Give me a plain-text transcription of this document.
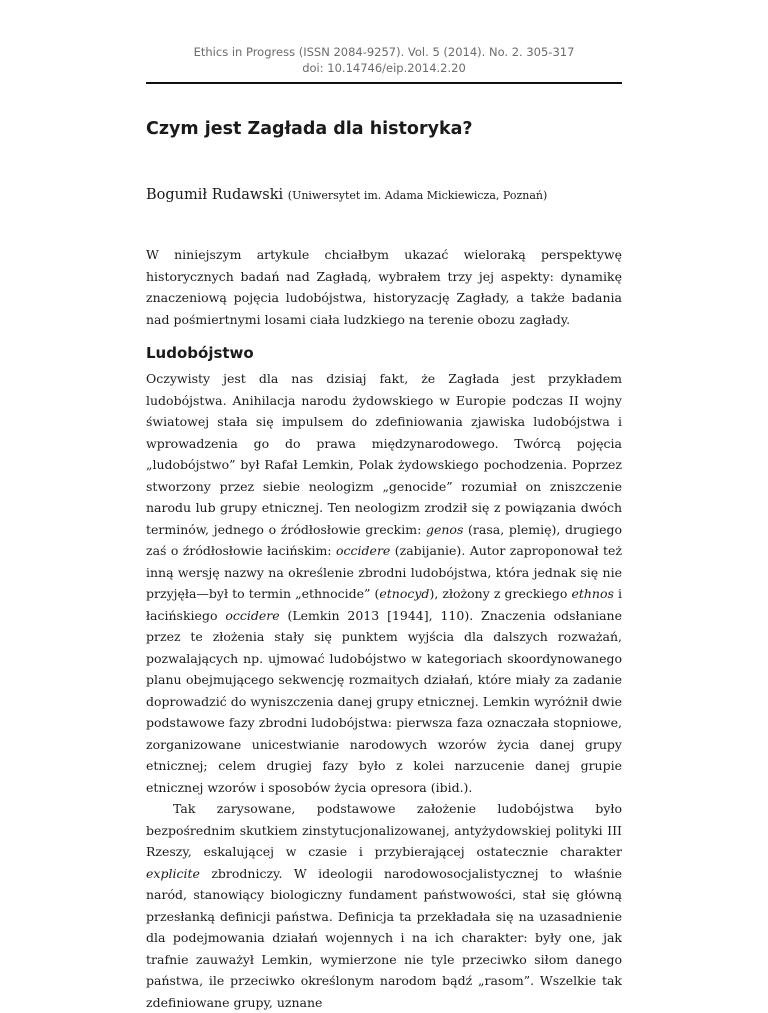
Ethics in Progress (ISSN 2084-9257). Vol. 5 (2014). No. 2. 305-317
doi: 10.14746/eip.2014.2.20
Czym jest Zagłada dla historyka?
Bogumił Rudawski (Uniwersytet im. Adama Mickiewicza, Poznań)

W niniejszym artykule chciałbym ukazać wieloraką perspektywę historycznych badań nad Zagładą, wybrałem trzy jej aspekty: dynamikę znaczeniową pojęcia ludobójstwa, historyzację Zagłady, a także badania nad pośmiertnymi losami ciała ludzkiego na terenie obozu zagłady.

Ludobójstwo

Oczywisty jest dla nas dzisiaj fakt, że Zagłada jest przykładem ludobójstwa. Anihilacja narodu żydowskiego w Europie podczas II wojny światowej stała się impulsem do zdefiniowania zjawiska ludobójstwa i wprowadzenia go do prawa międzynarodowego. Twórcą pojęcia „ludobójstwo” był Rafał Lemkin, Polak żydowskiego pochodzenia. Poprzez stworzony przez siebie neologizm „genocide” rozumiał on zniszczenie narodu lub grupy etnicznej. Ten neologizm zrodził się z powiązania dwóch terminów, jednego o źródłosłowie greckim: genos (rasa, plemię), drugiego zaś o źródłosłowie łacińskim: occidere (zabijanie). Autor zaproponował też inną wersję nazwy na określenie zbrodni ludobójstwa, która jednak się nie przyjęła—był to termin „ethnocide” (etnocyd), złożony z greckiego ethnos i łacińskiego occidere (Lemkin 2013 [1944], 110). Znaczenia odsłaniane przez te złożenia stały się punktem wyjścia dla dalszych rozważań, pozwalających np. ujmować ludobójstwo w kategoriach skoordynowanego planu obejmującego sekwencję rozmaitych działań, które miały za zadanie doprowadzić do wyniszczenia danej grupy etnicznej. Lemkin wyróżnił dwie podstawowe fazy zbrodni ludobójstwa: pierwsza faza oznaczała stopniowe, zorganizowane unicestwianie narodowych wzorów życia danej grupy etnicznej; celem drugiej fazy było z kolei narzucenie danej grupie etnicznej wzorów i sposobów życia opresora (ibid.).

Tak zarysowane, podstawowe założenie ludobójstwa było bezpośrednim skutkiem zinstytucjonalizowanej, antyżydowskiej polityki III Rzeszy, eskalującej w czasie i przybierającej ostatecznie charakter explicite zbrodniczy. W ideologii narodowosocjalistycznej to właśnie naród, stanowiący biologiczny fundament państwowości, stał się główną przesłanką definicji państwa. Definicja ta przekładała się na uzasadnienie dla podejmowania działań wojennych i na ich charakter: były one, jak trafnie zauważył Lemkin, wymierzone nie tyle przeciwko siłom danego państwa, ile przeciwko określonym narodom bądź „rasom”. Wszelkie tak zdefiniowane grupy, uznane
